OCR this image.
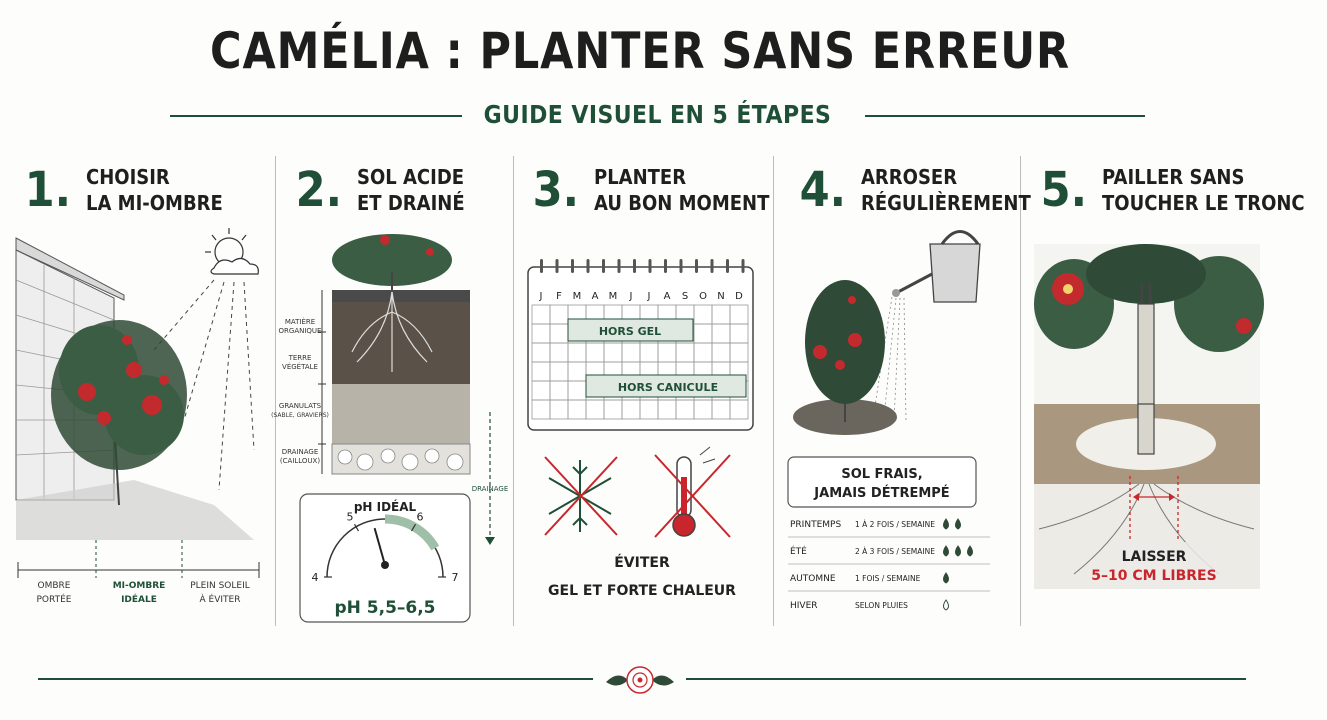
CAMÉLIA : PLANTER SANS ERREUR
GUIDE VISUEL EN 5 ÉTAPES
1. CHOISIR
LA MI-OMBRE
OMBRE
PORTÉE
MI-OMBRE
IDÉALE
PLEIN SOLEIL
À ÉVITER
2. SOL ACIDE
ET DRAINÉ
MATIÈRE
ORGANIQUE
TERRE
VÉGÉTALE
GRANULATS
(SABLE, GRAVIERS)
DRAINAGE
(CAILLOUX)
DRAINAGE
pH IDÉAL
4
5	6
7
pH 5,5–6,5
3. PLANTER
AU BON MOMENT
J F M A M J J A S O N D
HORS GEL
HORS CANICULE
ÉVITER
GEL ET FORTE CHALEUR
4. ARROSER
RÉGULIÈREMENT
SOL FRAIS,
JAMAIS DÉTREMPÉ
PRINTEMPS 1 À 2 FOIS / SEMAINE
ÉTÉ	2 À 3 FOIS / SEMAINE
AUTOMNE	1 FOIS / SEMAINE
HIVER	SELON PLUIES
5. PAILLER SANS
TOUCHER LE TRONC
LAISSER
5–10 CM LIBRES
